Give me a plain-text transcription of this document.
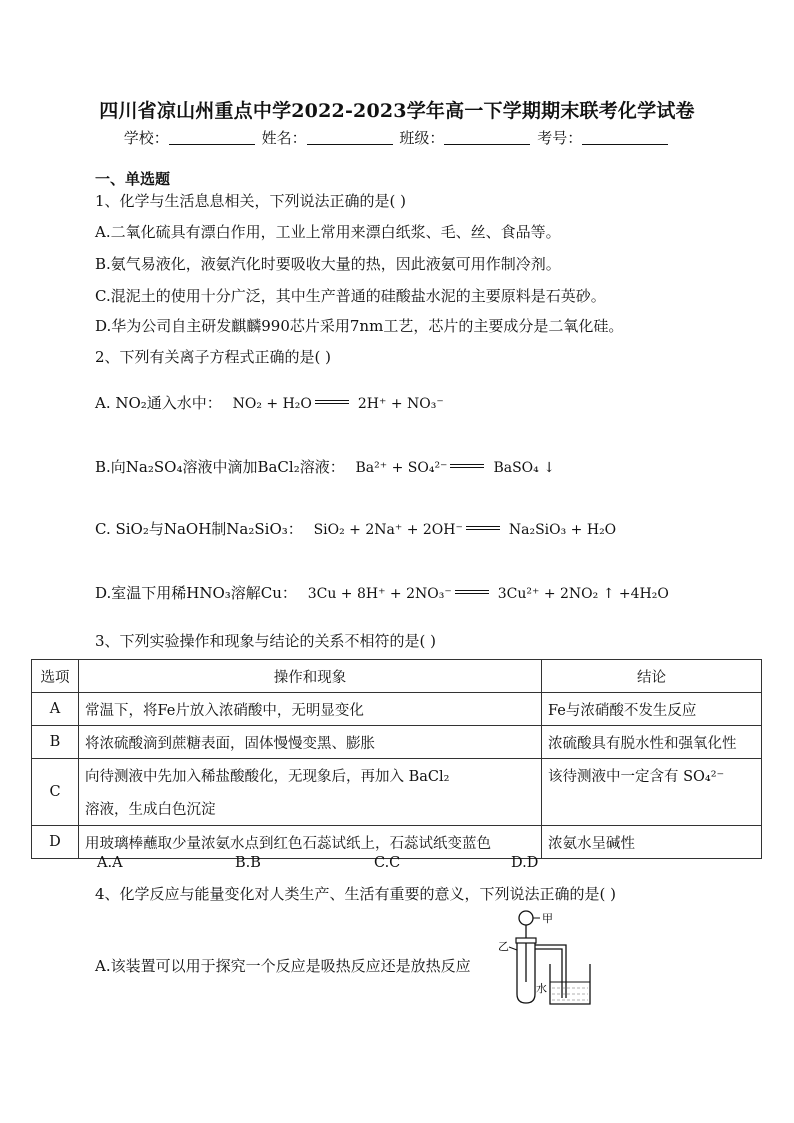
四川省凉山州重点中学2022-2023学年高一下学期期末联考化学试卷
学校：	姓名：	班级：	考号：
一、单选题
1、化学与生活息息相关，下列说法正确的是( )
A.二氧化硫具有漂白作用，工业上常用来漂白纸浆、毛、丝、食品等。
B.氨气易液化，液氨汽化时要吸收大量的热，因此液氨可用作制冷剂。
C.混泥土的使用十分广泛，其中生产普通的硅酸盐水泥的主要原料是石英砂。
D.华为公司自主研发麒麟990芯片采用7nm工艺，芯片的主要成分是二氧化硅。
2、下列有关离子方程式正确的是( )
A. NO₂通入水中： NO₂ + H₂O	2H⁺ + NO₃⁻
B.向Na₂SO₄溶液中滴加BaCl₂溶液： Ba²⁺ + SO₄²⁻	BaSO₄ ↓
C. SiO₂与NaOH制Na₂SiO₃： SiO₂ + 2Na⁺ + 2OH⁻	Na₂SiO₃ + H₂O
D.室温下用稀HNO₃溶解Cu： 3Cu + 8H⁺ + 2NO₃⁻	3Cu²⁺ + 2NO₂ ↑ +4H₂O
3、下列实验操作和现象与结论的关系不相符的是( )
选项	操作和现象	结论
A	常温下，将Fe片放入浓硝酸中，无明显变化	Fe与浓硝酸不发生反应
B	将浓硫酸滴到蔗糖表面，固体慢慢变黑、膨胀	浓硫酸具有脱水性和强氧化性
C	向待测液中先加入稀盐酸酸化，无现象后，再加入 BaCl₂
溶液，生成白色沉淀	该待测液中一定含有 SO₄²⁻
D	用玻璃棒蘸取少量浓氨水点到红色石蕊试纸上，石蕊试纸变蓝色	浓氨水呈碱性
A.A	B.B	C.C	D.D
4、化学反应与能量变化对人类生产、生活有重要的意义，下列说法正确的是( )
A.该装置可以用于探究一个反应是吸热反应还是放热反应
甲
乙
水
